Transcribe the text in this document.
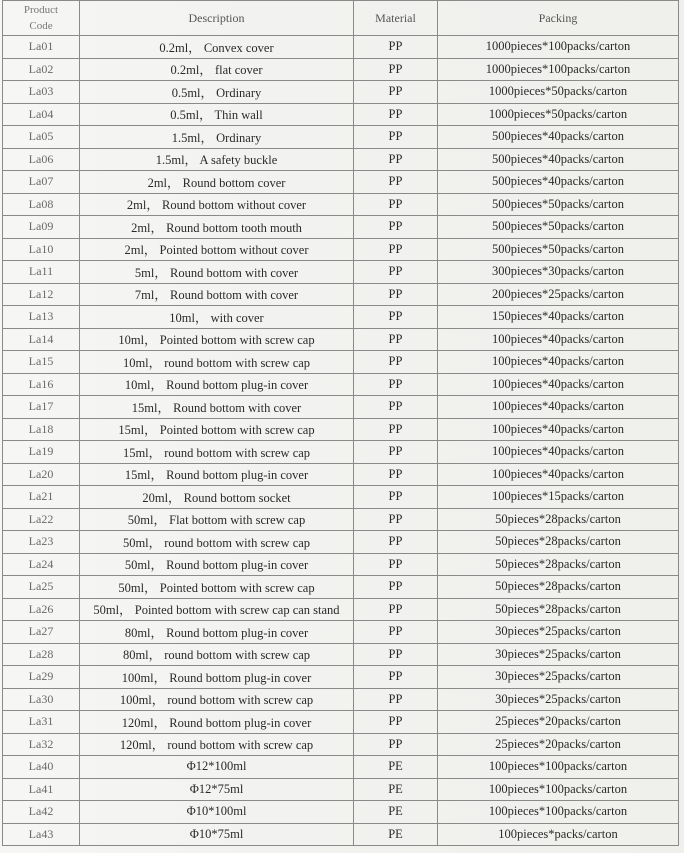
Product
Code	Description	Material	Packing
La01	0.2ml， Convex cover	PP	1000pieces*100packs/carton
La02	0.2ml， flat cover	PP	1000pieces*100packs/carton
La03	0.5ml， Ordinary	PP	1000pieces*50packs/carton
La04	0.5ml， Thin wall	PP	1000pieces*50packs/carton
La05	1.5ml， Ordinary	PP	500pieces*40packs/carton
La06	1.5ml， A safety buckle	PP	500pieces*40packs/carton
La07	2ml， Round bottom cover	PP	500pieces*40packs/carton
La08	2ml， Round bottom without cover	PP	500pieces*50packs/carton
La09	2ml， Round bottom tooth mouth	PP	500pieces*50packs/carton
La10	2ml， Pointed bottom without cover	PP	500pieces*50packs/carton
La11	5ml， Round bottom with cover	PP	300pieces*30packs/carton
La12	7ml， Round bottom with cover	PP	200pieces*25packs/carton
La13	10ml， with cover	PP	150pieces*40packs/carton
La14	10ml， Pointed bottom with screw cap	PP	100pieces*40packs/carton
La15	10ml， round bottom with screw cap	PP	100pieces*40packs/carton
La16	10ml， Round bottom plug-in cover	PP	100pieces*40packs/carton
La17	15ml， Round bottom with cover	PP	100pieces*40packs/carton
La18	15ml， Pointed bottom with screw cap	PP	100pieces*40packs/carton
La19	15ml， round bottom with screw cap	PP	100pieces*40packs/carton
La20	15ml， Round bottom plug-in cover	PP	100pieces*40packs/carton
La21	20ml， Round bottom socket	PP	100pieces*15packs/carton
La22	50ml， Flat bottom with screw cap	PP	50pieces*28packs/carton
La23	50ml， round bottom with screw cap	PP	50pieces*28packs/carton
La24	50ml， Round bottom plug-in cover	PP	50pieces*28packs/carton
La25	50ml， Pointed bottom with screw cap	PP	50pieces*28packs/carton
La26	50ml， Pointed bottom with screw cap can stand	PP	50pieces*28packs/carton
La27	80ml， Round bottom plug-in cover	PP	30pieces*25packs/carton
La28	80ml， round bottom with screw cap	PP	30pieces*25packs/carton
La29	100ml， Round bottom plug-in cover	PP	30pieces*25packs/carton
La30	100ml， round bottom with screw cap	PP	30pieces*25packs/carton
La31	120ml， Round bottom plug-in cover	PP	25pieces*20packs/carton
La32	120ml， round bottom with screw cap	PP	25pieces*20packs/carton
La40	Φ12*100ml	PE	100pieces*100packs/carton
La41	Φ12*75ml	PE	100pieces*100packs/carton
La42	Φ10*100ml	PE	100pieces*100packs/carton
La43	Φ10*75ml	PE	100pieces*packs/carton
